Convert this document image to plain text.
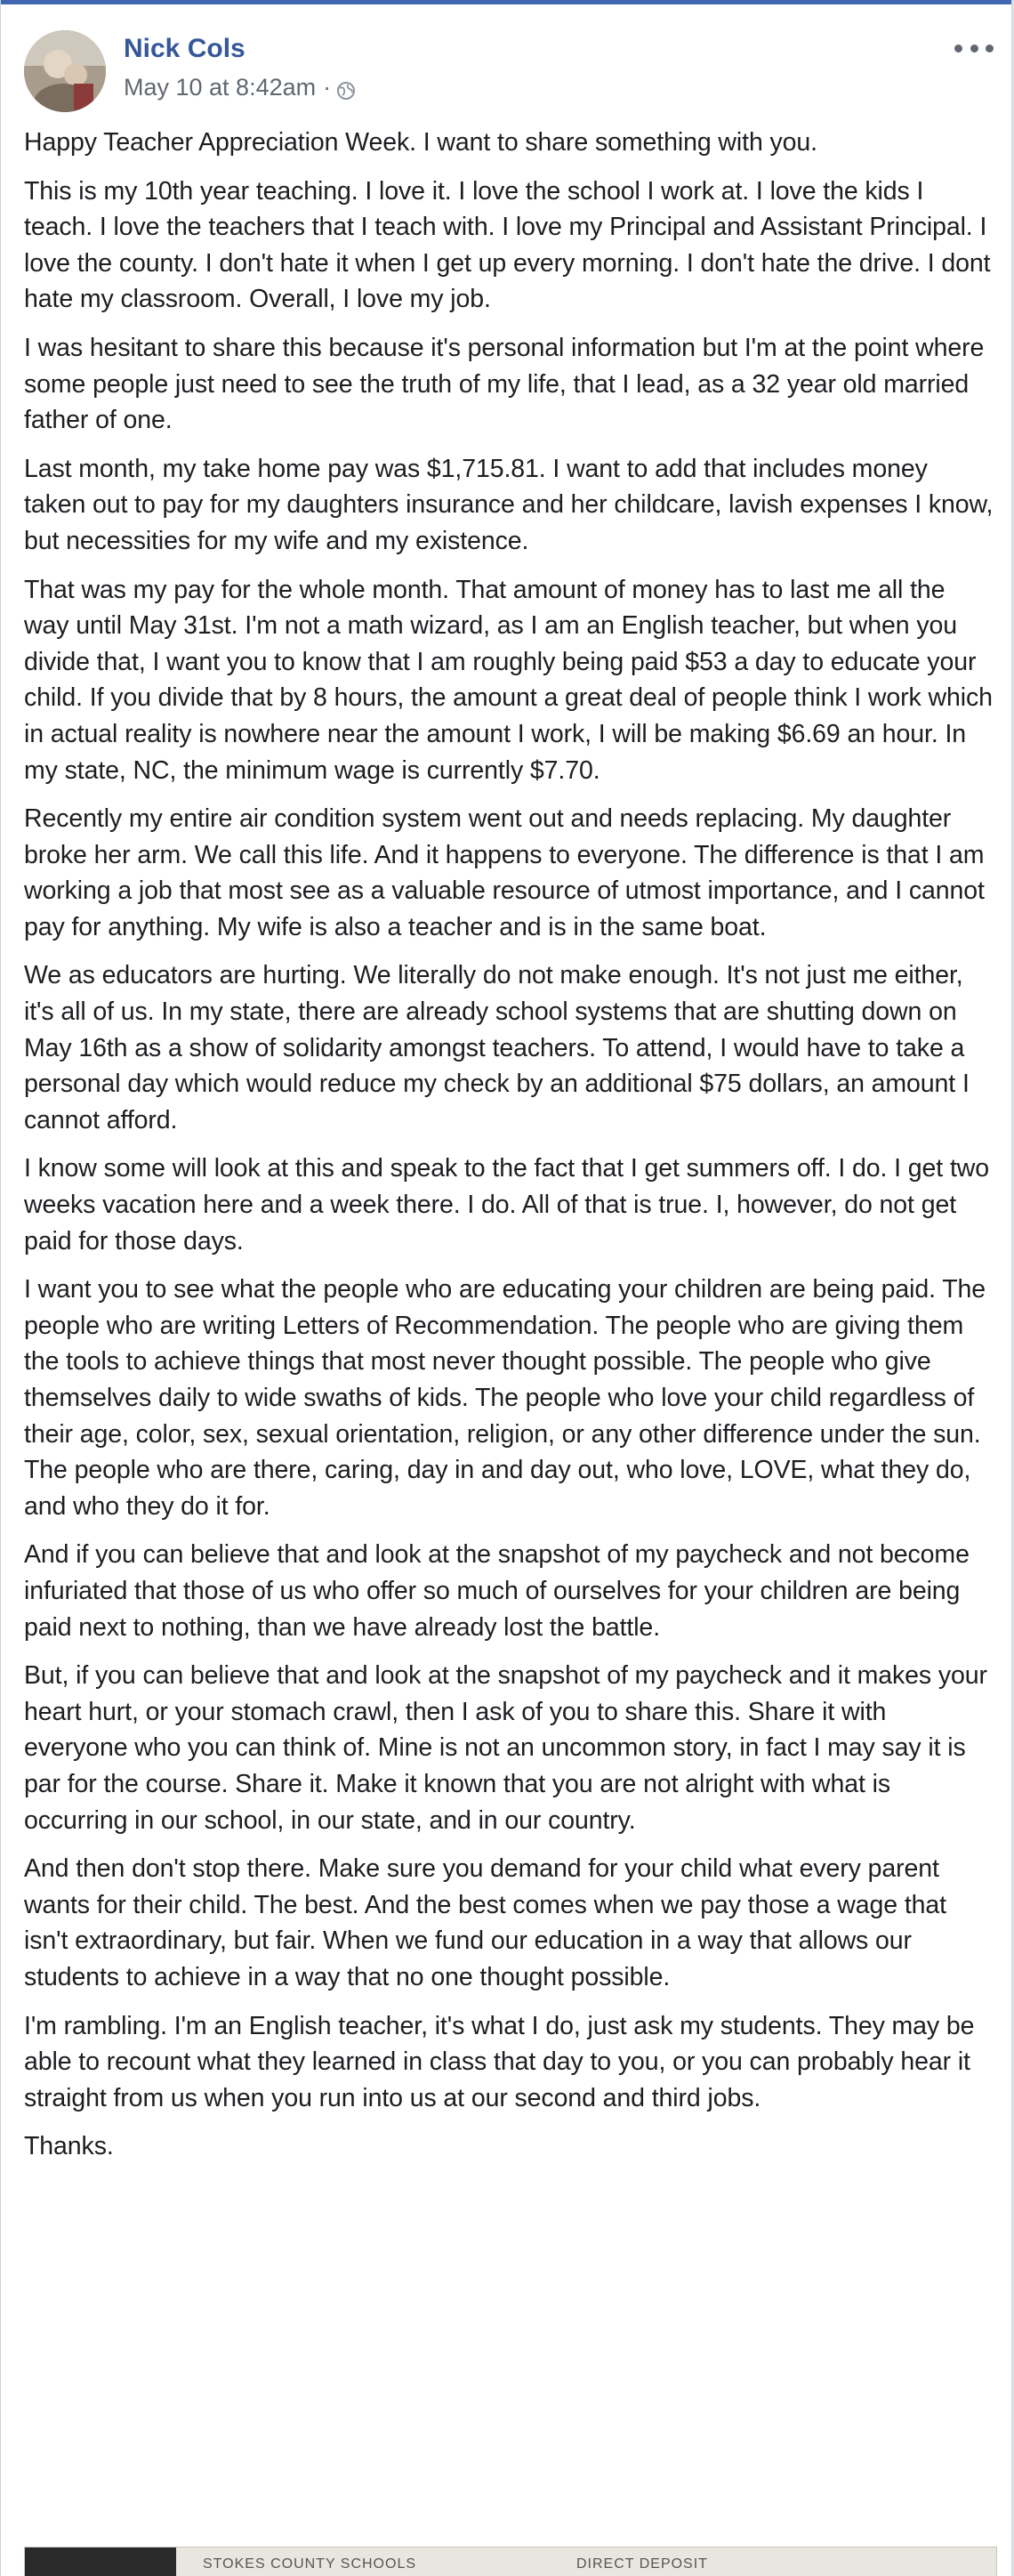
Nick Cols
May 10 at 8:42am ·

Happy Teacher Appreciation Week. I want to share something with you.

This is my 10th year teaching. I love it. I love the school I work at. I love the kids I teach. I love the teachers that I teach with. I love my Principal and Assistant Principal. I love the county. I don't hate it when I get up every morning. I don't hate the drive. I dont hate my classroom. Overall, I love my job.

I was hesitant to share this because it's personal information but I'm at the point where some people just need to see the truth of my life, that I lead, as a 32 year old married father of one.

Last month, my take home pay was $1,715.81. I want to add that includes money taken out to pay for my daughters insurance and her childcare, lavish expenses I know, but necessities for my wife and my existence.

That was my pay for the whole month. That amount of money has to last me all the way until May 31st. I'm not a math wizard, as I am an English teacher, but when you divide that, I want you to know that I am roughly being paid $53 a day to educate your child. If you divide that by 8 hours, the amount a great deal of people think I work which in actual reality is nowhere near the amount I work, I will be making $6.69 an hour. In my state, NC, the minimum wage is currently $7.70.

Recently my entire air condition system went out and needs replacing. My daughter broke her arm. We call this life. And it happens to everyone. The difference is that I am working a job that most see as a valuable resource of utmost importance, and I cannot pay for anything. My wife is also a teacher and is in the same boat.

We as educators are hurting. We literally do not make enough. It's not just me either, it's all of us. In my state, there are already school systems that are shutting down on May 16th as a show of solidarity amongst teachers. To attend, I would have to take a personal day which would reduce my check by an additional $75 dollars, an amount I cannot afford.

I know some will look at this and speak to the fact that I get summers off. I do. I get two weeks vacation here and a week there. I do. All of that is true. I, however, do not get paid for those days.

I want you to see what the people who are educating your children are being paid. The people who are writing Letters of Recommendation. The people who are giving them the tools to achieve things that most never thought possible. The people who give themselves daily to wide swaths of kids. The people who love your child regardless of their age, color, sex, sexual orientation, religion, or any other difference under the sun. The people who are there, caring, day in and day out, who love, LOVE, what they do, and who they do it for.

And if you can believe that and look at the snapshot of my paycheck and not become infuriated that those of us who offer so much of ourselves for your children are being paid next to nothing, than we have already lost the battle.

But, if you can believe that and look at the snapshot of my paycheck and it makes your heart hurt, or your stomach crawl, then I ask of you to share this. Share it with everyone who you can think of. Mine is not an uncommon story, in fact I may say it is par for the course. Share it. Make it known that you are not alright with what is occurring in our school, in our state, and in our country.

And then don't stop there. Make sure you demand for your child what every parent wants for their child. The best. And the best comes when we pay those a wage that isn't extraordinary, but fair. When we fund our education in a way that allows our students to achieve in a way that no one thought possible.

I'm rambling. I'm an English teacher, it's what I do, just ask my students. They may be able to recount what they learned in class that day to you, or you can probably hear it straight from us when you run into us at our second and third jobs.

Thanks.

STOKES COUNTY SCHOOLS	DIRECT DEPOSIT
